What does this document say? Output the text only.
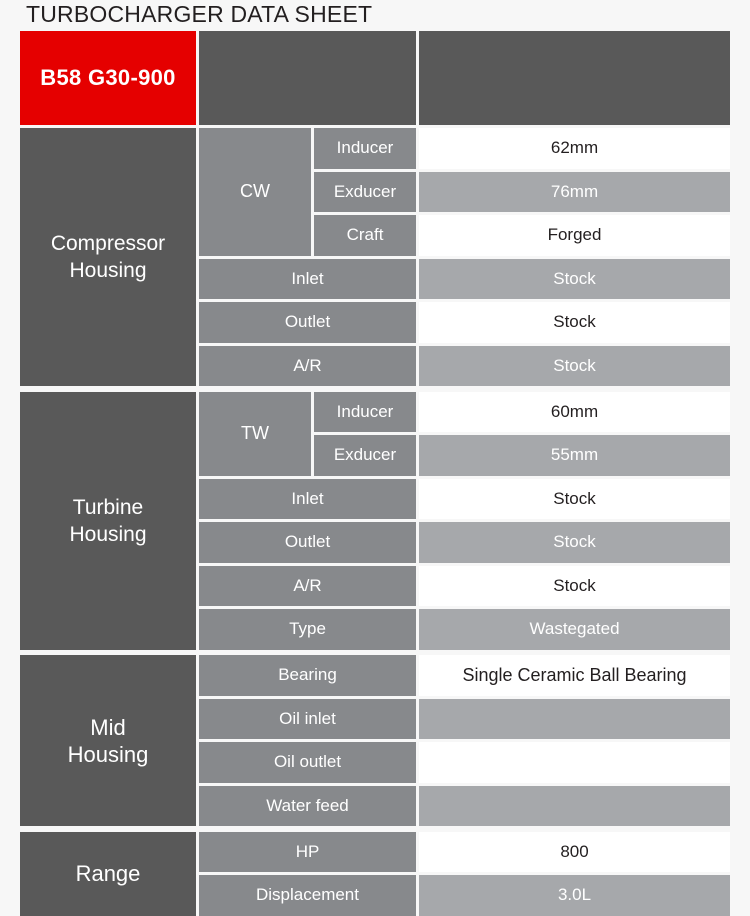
TURBOCHARGER DATA SHEET
B58 G30-900
Compressor
Housing
CW
Inducer	62mm
Exducer	76mm
Craft	Forged
Inlet	Stock
Outlet	Stock
A/R	Stock
Turbine
Housing
TW
Inducer	60mm
Exducer	55mm
Inlet	Stock
Outlet	Stock
A/R	Stock
Type	Wastegated
Mid
Housing
Bearing	Single Ceramic Ball Bearing
Oil inlet
Oil outlet
Water feed
Range
HP	800
Displacement	3.0L
